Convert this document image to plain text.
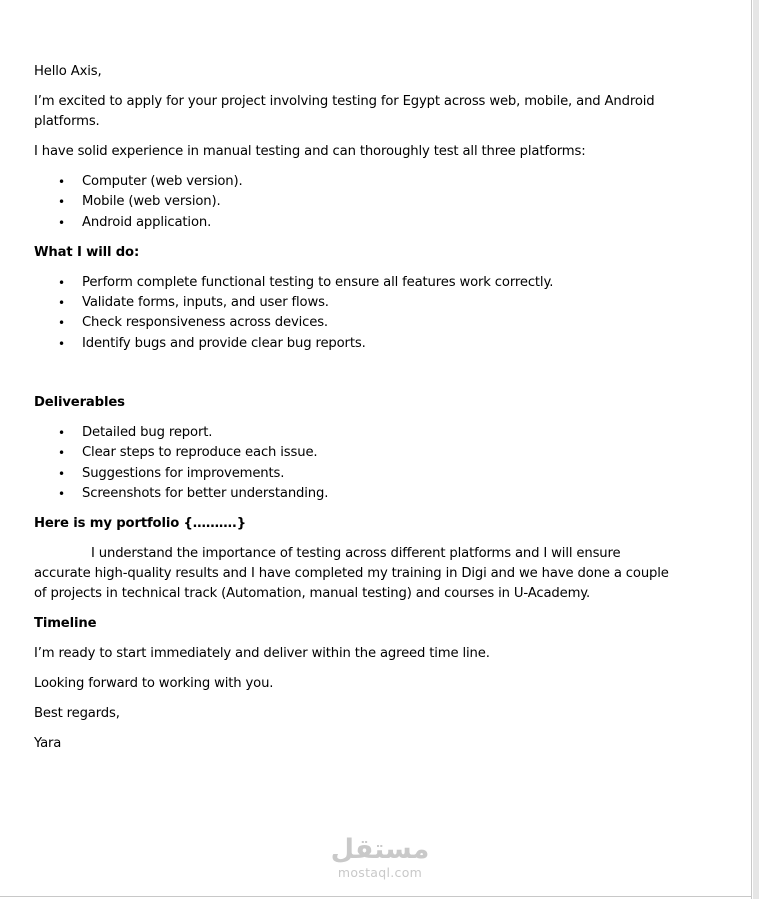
Hello Axis,

I’m excited to apply for your project involving testing for Egypt across web, mobile, and Android platforms.

I have solid experience in manual testing and can thoroughly test all three platforms:

• Computer (web version).
• Mobile (web version).
• Android application.

What I will do:

• Perform complete functional testing to ensure all features work correctly.
• Validate forms, inputs, and user flows.
• Check responsiveness across devices.
• Identify bugs and provide clear bug reports.

Deliverables

• Detailed bug report.
• Clear steps to reproduce each issue.
• Suggestions for improvements.
• Screenshots for better understanding.

Here is my portfolio {……….}

I understand the importance of testing across different platforms and I will ensure accurate high-quality results and I have completed my training in Digi and we have done a couple of projects in technical track (Automation, manual testing) and courses in U-Academy.

Timeline

I’m ready to start immediately and deliver within the agreed time line.

Looking forward to working with you.

Best regards,

Yara

مستقل
mostaql.com
